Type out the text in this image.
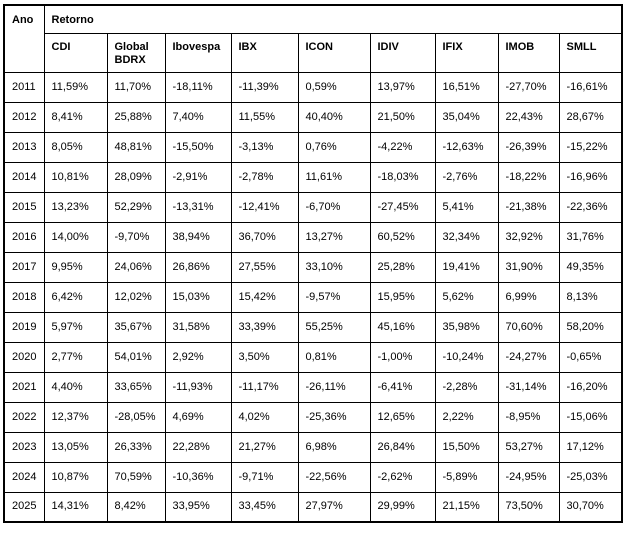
Ano	Retorno								
	CDI	Global BDRX	Ibovespa	IBX	ICON	IDIV	IFIX	IMOB	SMLL
2011	11,59%	11,70%	-18,11%	-11,39%	0,59%	13,97%	16,51%	-27,70%	-16,61%
2012	8,41%	25,88%	7,40%	11,55%	40,40%	21,50%	35,04%	22,43%	28,67%
2013	8,05%	48,81%	-15,50%	-3,13%	0,76%	-4,22%	-12,63%	-26,39%	-15,22%
2014	10,81%	28,09%	-2,91%	-2,78%	11,61%	-18,03%	-2,76%	-18,22%	-16,96%
2015	13,23%	52,29%	-13,31%	-12,41%	-6,70%	-27,45%	5,41%	-21,38%	-22,36%
2016	14,00%	-9,70%	38,94%	36,70%	13,27%	60,52%	32,34%	32,92%	31,76%
2017	9,95%	24,06%	26,86%	27,55%	33,10%	25,28%	19,41%	31,90%	49,35%
2018	6,42%	12,02%	15,03%	15,42%	-9,57%	15,95%	5,62%	6,99%	8,13%
2019	5,97%	35,67%	31,58%	33,39%	55,25%	45,16%	35,98%	70,60%	58,20%
2020	2,77%	54,01%	2,92%	3,50%	0,81%	-1,00%	-10,24%	-24,27%	-0,65%
2021	4,40%	33,65%	-11,93%	-11,17%	-26,11%	-6,41%	-2,28%	-31,14%	-16,20%
2022	12,37%	-28,05%	4,69%	4,02%	-25,36%	12,65%	2,22%	-8,95%	-15,06%
2023	13,05%	26,33%	22,28%	21,27%	6,98%	26,84%	15,50%	53,27%	17,12%
2024	10,87%	70,59%	-10,36%	-9,71%	-22,56%	-2,62%	-5,89%	-24,95%	-25,03%
2025	14,31%	8,42%	33,95%	33,45%	27,97%	29,99%	21,15%	73,50%	30,70%
